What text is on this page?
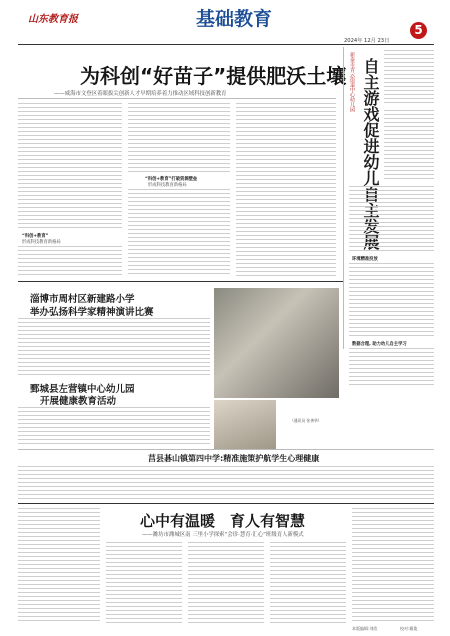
山东教育报	基础教育
2024年 12月 23日
5
为科创“好苗子”提供肥沃土壤
——威海市文登区着眼拔尖创新人才早期培养着力推动区域科技创新教育
“科创+教育”
形成科技教育新格局
“科创+教育”打破资源壁垒
形成科技教育新格局
新泰市青云街道中心幼儿园 自主游戏促进幼儿自主发展
环境精准投放
数据合理, 助力幼儿自主学习
淄博市周村区新建路小学
举办弘扬科学家精神演讲比赛
鄄城县左营镇中心幼儿园
开展健康教育活动
（通讯员 张善华）
莒县碁山镇第四中学:精准施策护航学生心理健康
心中有温暖　育人有智慧
——潍坊市潍城区南 三里小学探索“会诊·慧育·汇心”班级育人新模式
本版编辑:刘欣	校对:戴俊
